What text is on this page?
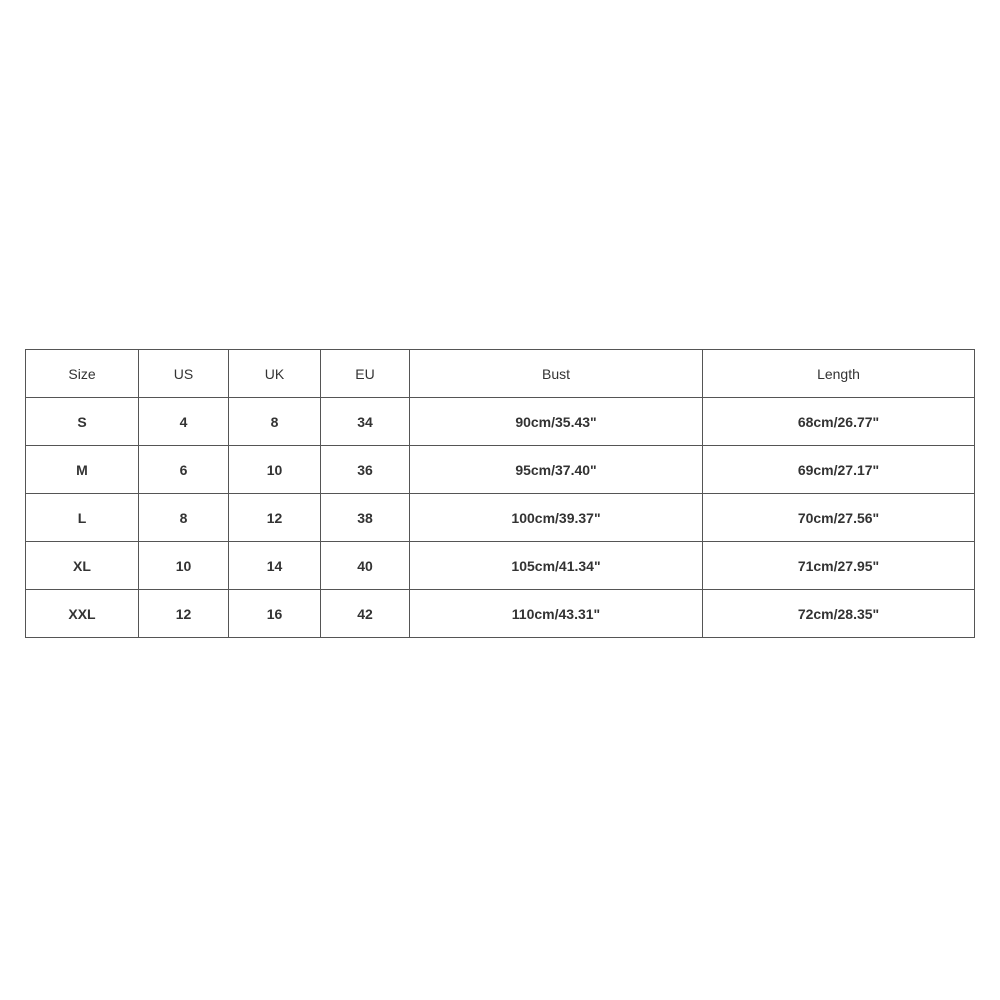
Size	US	UK	EU	Bust	Length
S	4	8	34	90cm/35.43"	68cm/26.77"
M	6	10	36	95cm/37.40"	69cm/27.17"
L	8	12	38	100cm/39.37"	70cm/27.56"
XL	10	14	40	105cm/41.34"	71cm/27.95"
XXL	12	16	42	110cm/43.31"	72cm/28.35"
